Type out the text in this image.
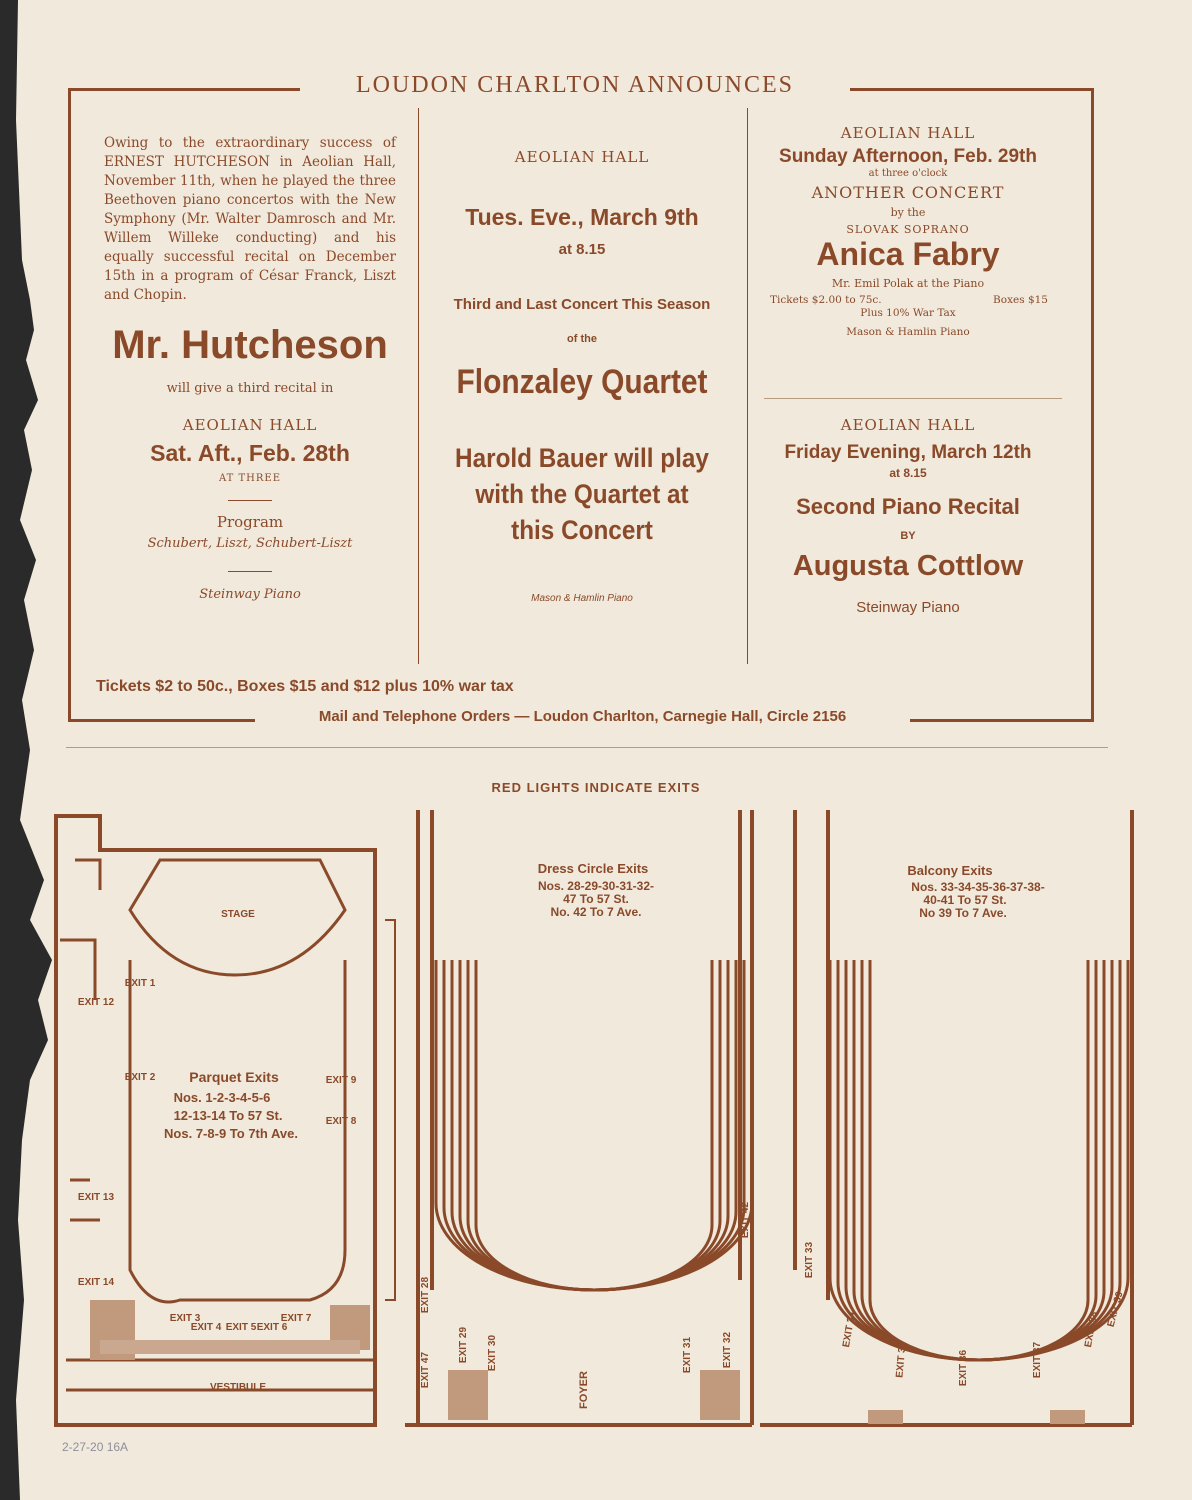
LOUDON CHARLTON ANNOUNCES
Owing to the extraordinary success of ERNEST HUTCHESON in Aeolian Hall, November 11th, when he played the three Beethoven piano concertos with the New Symphony (Mr. Walter Damrosch and Mr. Willem Willeke conducting) and his equally successful recital on December 15th in a program of César Franck, Liszt and Chopin.
Mr. Hutcheson
will give a third recital in
AEOLIAN HALL
Sat. Aft., Feb. 28th
AT THREE
Program
Schubert, Liszt, Schubert-Liszt
Steinway Piano
AEOLIAN HALL
Tues. Eve., March 9th
at 8.15
Third and Last Concert This Season
of the
Flonzaley Quartet
Harold Bauer will play with the Quartet at this Concert
Mason & Hamlin Piano
AEOLIAN HALL
Sunday Afternoon, Feb. 29th
at three o'clock
ANOTHER CONCERT
by the
SLOVAK SOPRANO
Anica Fabry
Mr. Emil Polak at the Piano
Tickets $2.00 to 75c.	Boxes $15
Plus 10% War Tax
Mason & Hamlin Piano
AEOLIAN HALL
Friday Evening, March 12th
at 8.15
Second Piano Recital
BY
Augusta Cottlow
Steinway Piano
Tickets $2 to 50c., Boxes $15 and $12 plus 10% war tax
Mail and Telephone Orders — Loudon Charlton, Carnegie Hall, Circle 2156
RED LIGHTS INDICATE EXITS
STAGE
VESTIBULE
Parquet Exits
Nos. 1-2-3-4-5-6
12-13-14 To 57 St.
Nos. 7-8-9 To 7th Ave.
EXIT 1
EXIT 2
EXIT 3
EXIT 4 EXIT 5 EXIT 6
EXIT 7
EXIT 8
EXIT 9
EXIT 12
EXIT 13
EXIT 14
Dress Circle Exits
Nos. 28-29-30-31-32-
47 To 57 St.
No. 42 To 7 Ave.
FOYER
EXIT 28
EXIT 29 EXIT 30	EXIT 31	EXIT 32
EXIT 42
EXIT 47
Balcony Exits
Nos. 33-34-35-36-37-38-
40-41 To 57 St.
No 39 To 7 Ave.
EXIT 33
EXIT 34
EXIT 35	EXIT 36	EXIT 37
EXIT 38
EXIT 39
2-27-20 16A
